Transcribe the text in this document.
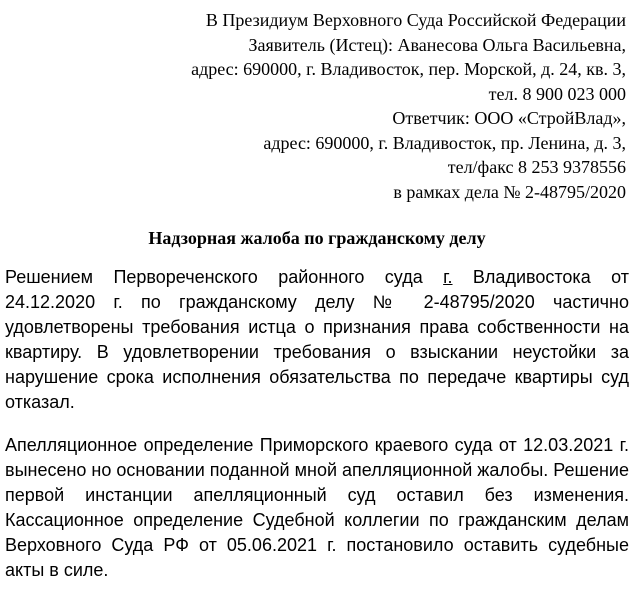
В Президиум Верховного Суда Российской Федерации
Заявитель (Истец): Аванесова Ольга Васильевна,
адрес: 690000, г. Владивосток, пер. Морской, д. 24, кв. 3,
тел. 8 900 023 000
Ответчик: ООО «СтройВлад»,
адрес: 690000, г. Владивосток, пр. Ленина, д. 3,
тел/факс 8 253 9378556
в рамках дела № 2-48795/2020
Надзорная жалоба по гражданскому делу

Решением Первореченского районного суда г. Владивостока от 24.12.2020 г. по гражданскому делу № 2-48795/2020 частично удовлетворены требования истца о признания права собственности на квартиру. В удовлетворении требования о взыскании неустойки за нарушение срока исполнения обязательства по передаче квартиры суд отказал.

Апелляционное определение Приморского краевого суда от 12.03.2021 г. вынесено но основании поданной мной апелляционной жалобы. Решение первой инстанции апелляционный суд оставил без изменения. Кассационное определение Судебной коллегии по гражданским делам Верховного Суда РФ от 05.06.2021 г. постановило оставить судебные акты в силе.
